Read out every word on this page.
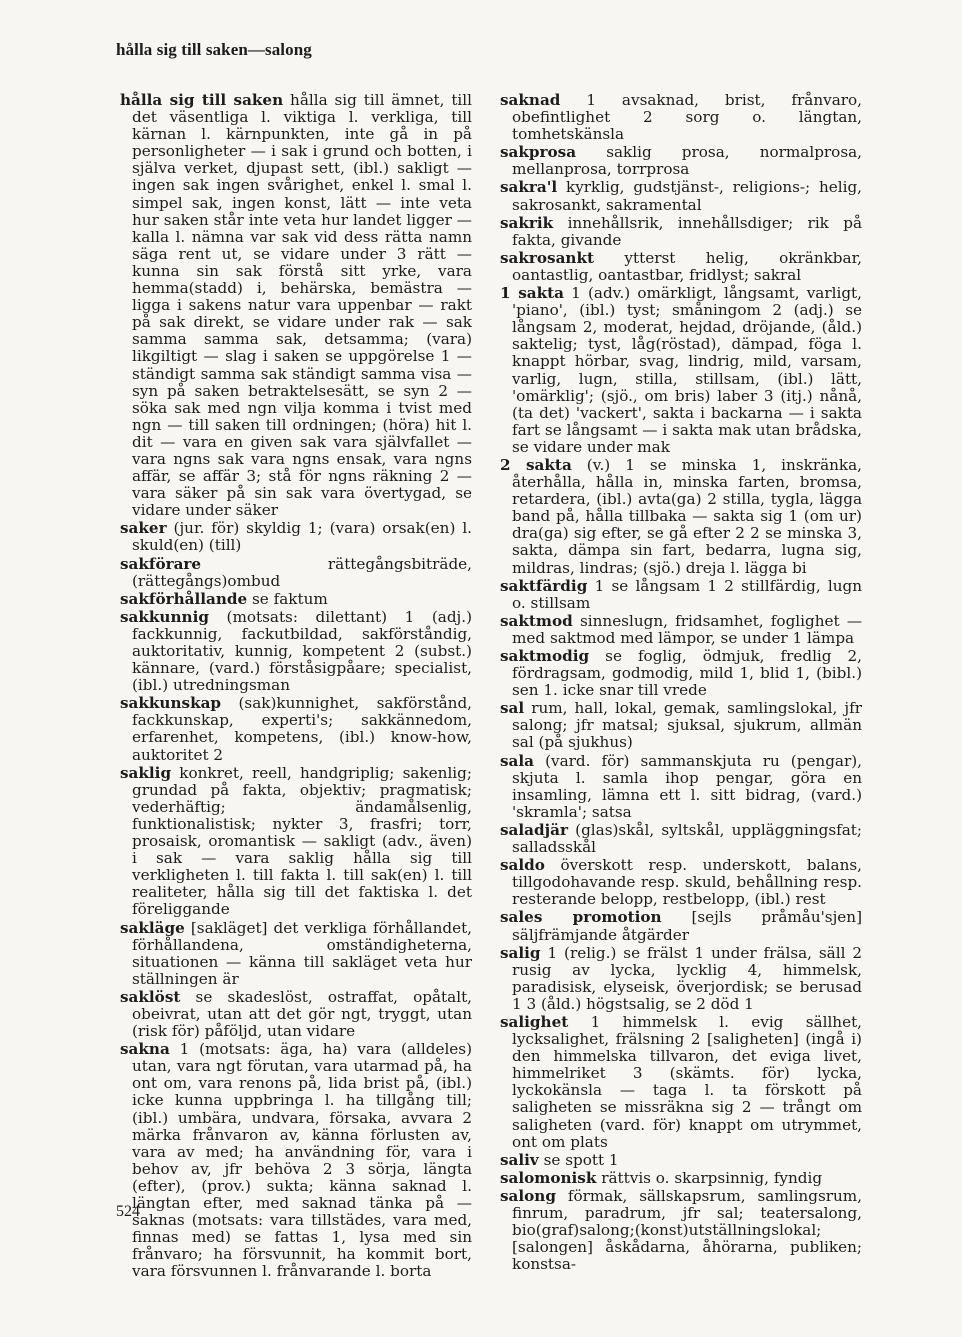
hålla sig till saken—salong
hålla sig till saken hålla sig till ämnet, till det väsentliga l. viktiga l. verkliga, till kärnan l. kärnpunkten, inte gå in på personligheter — i sak i grund och botten, i själva verket, djupast sett, (ibl.) sakligt — ingen sak ingen svårighet, enkel l. smal l. simpel sak, ingen konst, lätt — inte veta hur saken står inte veta hur landet ligger — kalla l. nämna var sak vid dess rätta namn säga rent ut, se vidare under 3 rätt — kunna sin sak förstå sitt yrke, vara hemma(stadd) i, behärska, bemästra — ligga i sakens natur vara uppenbar — rakt på sak direkt, se vidare under rak — sak samma samma sak, detsamma; (vara) likgiltigt — slag i saken se uppgörelse 1 — ständigt samma sak ständigt samma visa — syn på saken betraktelsesätt, se syn 2 — söka sak med ngn vilja komma i tvist med ngn — till saken till ordningen; (höra) hit l. dit — vara en given sak vara självfallet — vara ngns sak vara ngns ensak, vara ngns affär, se affär 3; stå för ngns räkning 2 — vara säker på sin sak vara övertygad, se vidare under säker
saker (jur. för) skyldig 1; (vara) orsak(en) l. skuld(en) (till)
sakförare	rättegångsbiträde, (rättegångs)ombud
sakförhållande se faktum
sakkunnig (motsats: dilettant) 1 (adj.) fackkunnig, fackutbildad, sakförståndig, auktoritativ, kunnig, kompetent 2 (subst.) kännare, (vard.) förståsigpåare; specialist, (ibl.) utredningsman
sakkunskap (sak)kunnighet, sakförstånd, fackkunskap, experti's; sakkännedom, erfarenhet, kompetens, (ibl.) know-how, auktoritet 2
saklig konkret, reell, handgriplig; sakenlig; grundad på fakta, objektiv; pragmatisk; vederhäftig; ändamålsenlig, funktionalistisk; nykter 3, frasfri; torr, prosaisk, oromantisk — sakligt (adv., även) i sak — vara saklig hålla sig till verkligheten l. till fakta l. till sak(en) l. till realiteter, hålla sig till det faktiska l. det föreliggande
sakläge [sakläget] det verkliga förhållandet, förhållandena, omständigheterna, situationen — känna till sakläget veta hur ställningen är
saklöst se skadeslöst, ostraffat, opåtalt, obeivrat, utan att det gör ngt, tryggt, utan (risk för) påföljd, utan vidare
sakna 1 (motsats: äga, ha) vara (alldeles) utan, vara ngt förutan, vara utarmad på, ha ont om, vara renons på, lida brist på, (ibl.) icke kunna uppbringa l. ha tillgång till; (ibl.) umbära, undvara, försaka, avvara 2 märka frånvaron av, känna förlusten av, vara av med; ha användning för, vara i behov av, jfr behöva 2 3 sörja, längta (efter), (prov.) sukta; känna saknad l. längtan efter, med saknad tänka på — saknas (motsats: vara tillstädes, vara med, finnas med) se fattas 1, lysa med sin frånvaro; ha försvunnit, ha kommit bort, vara försvunnen l. frånvarande l. borta
saknad 1 avsaknad, brist, frånvaro, obefintlighet 2 sorg o. längtan, tomhetskänsla
sakprosa saklig prosa, normalprosa, mellanprosa, torrprosa
sakra'l kyrklig, gudstjänst-, religions-; helig, sakrosankt, sakramental
sakrik innehållsrik, innehållsdiger; rik på fakta, givande
sakrosankt ytterst helig, okränkbar, oantastlig, oantastbar, fridlyst; sakral
1 sakta 1 (adv.) omärkligt, långsamt, varligt, 'piano', (ibl.) tyst; småningom 2 (adj.) se långsam 2, moderat, hejdad, dröjande, (åld.) saktelig; tyst, låg(röstad), dämpad, föga l. knappt hörbar, svag, lindrig, mild, varsam, varlig, lugn, stilla, stillsam, (ibl.) lätt, 'omärklig'; (sjö., om bris) laber 3 (itj.) nånå, (ta det) 'vackert', sakta i backarna — i sakta fart se långsamt — i sakta mak utan brådska, se vidare under mak
2 sakta (v.) 1 se minska 1, inskränka, återhålla, hålla in, minska farten, bromsa, retardera, (ibl.) avta(ga) 2 stilla, tygla, lägga band på, hålla tillbaka — sakta sig 1 (om ur) dra(ga) sig efter, se gå efter 2 2 se minska 3, sakta, dämpa sin fart, bedarra, lugna sig, mildras, lindras; (sjö.) dreja l. lägga bi
saktfärdig 1 se långsam 1 2 stillfärdig, lugn o. stillsam
saktmod sinneslugn, fridsamhet, foglighet — med saktmod med lämpor, se under 1 lämpa
saktmodig se foglig, ödmjuk, fredlig 2, fördragsam, godmodig, mild 1, blid 1, (bibl.) sen 1. icke snar till vrede
sal rum, hall, lokal, gemak, samlingslokal, jfr salong; jfr matsal; sjuksal, sjukrum, allmän sal (på sjukhus)
sala (vard. för) sammanskjuta ru (pengar), skjuta l. samla ihop pengar, göra en insamling, lämna ett l. sitt bidrag, (vard.) 'skramla'; satsa
saladjär (glas)skål, syltskål, uppläggningsfat; salladsskål
saldo överskott resp. underskott, balans, tillgodohavande resp. skuld, behållning resp. resterande belopp, restbelopp, (ibl.) rest
sales promotion [sejls pråmåu'sjen] säljfrämjande åtgärder
salig 1 (relig.) se frälst 1 under frälsa, säll 2 rusig av lycka, lycklig 4, himmelsk, paradisisk, elyseisk, överjordisk; se berusad 1 3 (åld.) högstsalig, se 2 död 1
salighet 1 himmelsk l. evig sällhet, lycksalighet, frälsning 2 [saligheten] (ingå i) den himmelska tillvaron, det eviga livet, himmelriket 3 (skämts. för) lycka, lyckokänsla — taga l. ta förskott på saligheten se missräkna sig 2 — trångt om saligheten (vard. för) knappt om utrymmet, ont om plats
saliv se spott 1
salomonisk rättvis o. skarpsinnig, fyndig
salong förmak, sällskapsrum, samlingsrum, finrum, paradrum, jfr sal; teatersalong, bio(graf)salong;(konst)utställningslokal;[salongen] åskådarna, åhörarna, publiken; konstsa-
524
